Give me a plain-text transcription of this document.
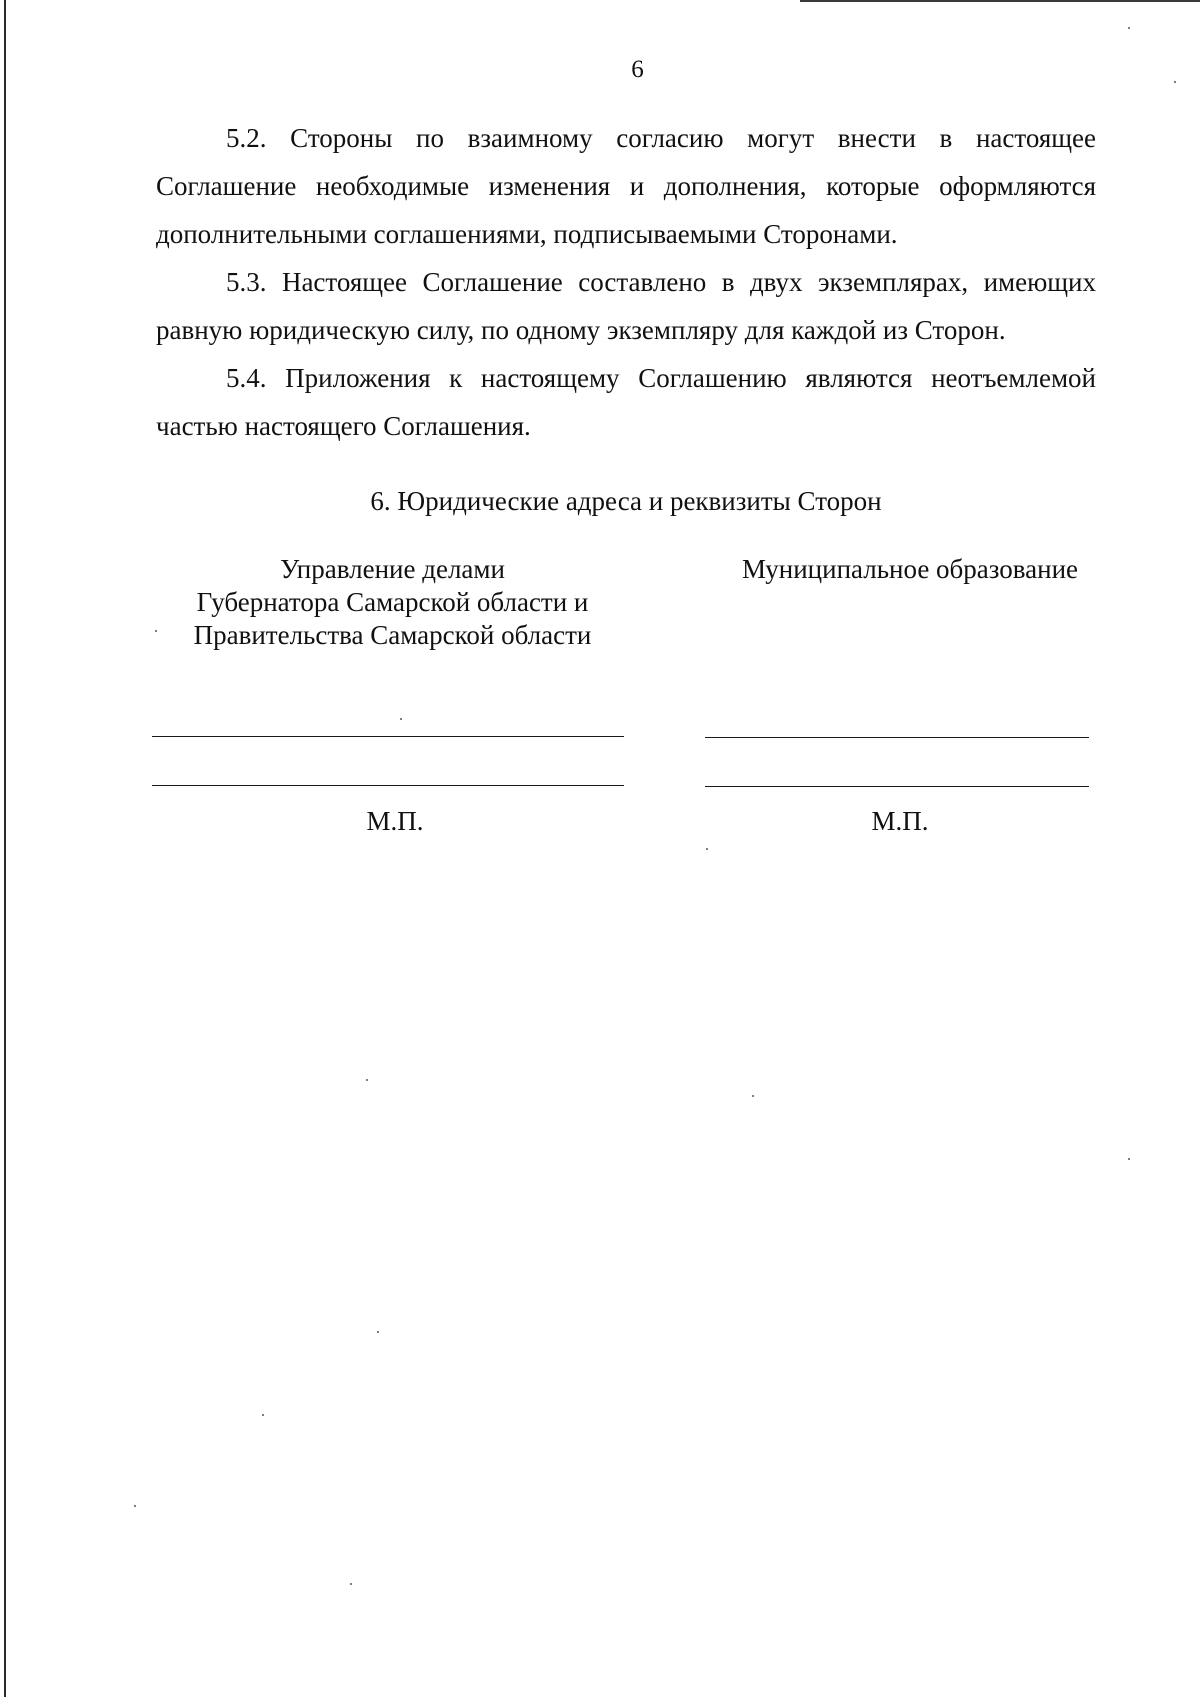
6

5.2. Стороны по взаимному согласию могут внести в настоящее Соглашение необходимые изменения и дополнения, которые оформляются дополнительными соглашениями, подписываемыми Сторонами.

5.3. Настоящее Соглашение составлено в двух экземплярах, имеющих равную юридическую силу, по одному экземпляру для каждой из Сторон.

5.4. Приложения к настоящему Соглашению являются неотъемлемой частью настоящего Соглашения.

6. Юридические адреса и реквизиты Сторон
Управление делами
Губернатора Самарской области и
Правительства Самарской области
Муниципальное образование
М.П.	М.П.
